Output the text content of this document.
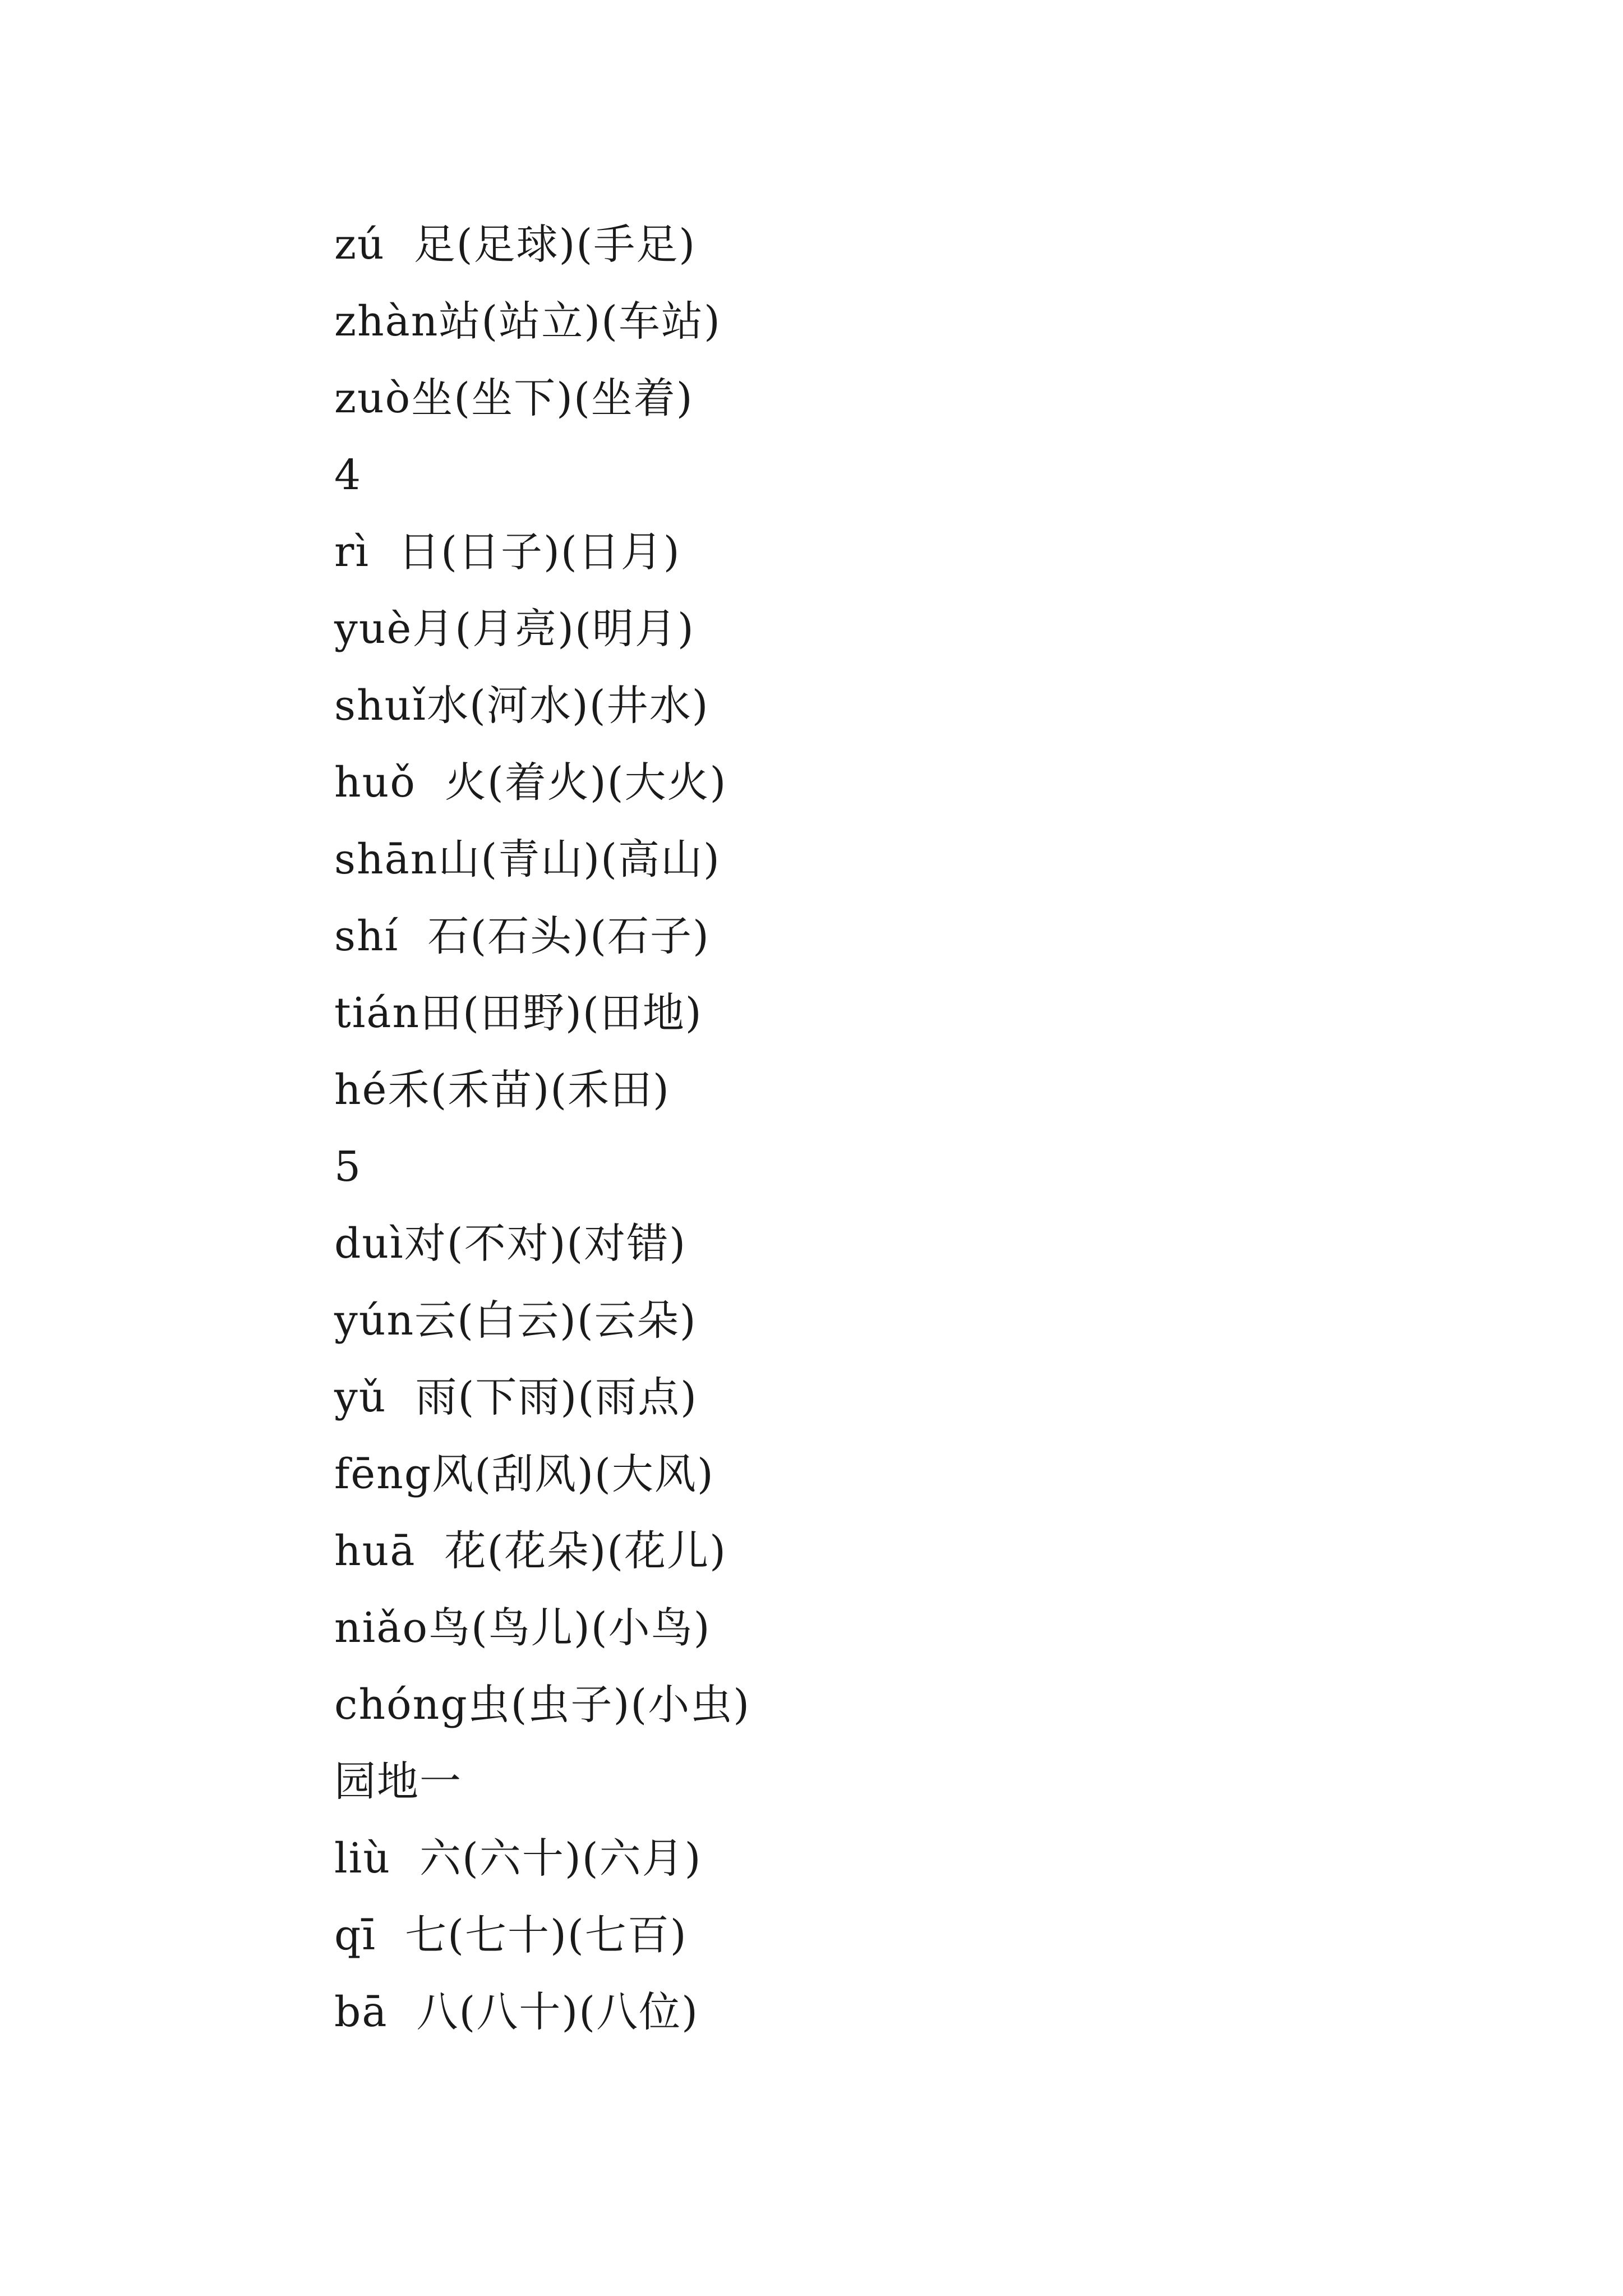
zú  足(足球)(手足)
zhàn站(站立)(车站)
zuò坐(坐下)(坐着)
4
rì  日(日子)(日月)
yuè月(月亮)(明月)
shuǐ水(河水)(井水)
huǒ  火(着火)(大火)
shān山(青山)(高山)
shí  石(石头)(石子)
tián田(田野)(田地)
hé禾(禾苗)(禾田)
5
duì对(不对)(对错)
yún云(白云)(云朵)
yǔ  雨(下雨)(雨点)
fēng风(刮风)(大风)
huā  花(花朵)(花儿)
niǎo鸟(鸟儿)(小鸟)
chóng虫(虫子)(小虫)
园地一
liù  六(六十)(六月)
qī  七(七十)(七百)
bā  八(八十)(八位)
